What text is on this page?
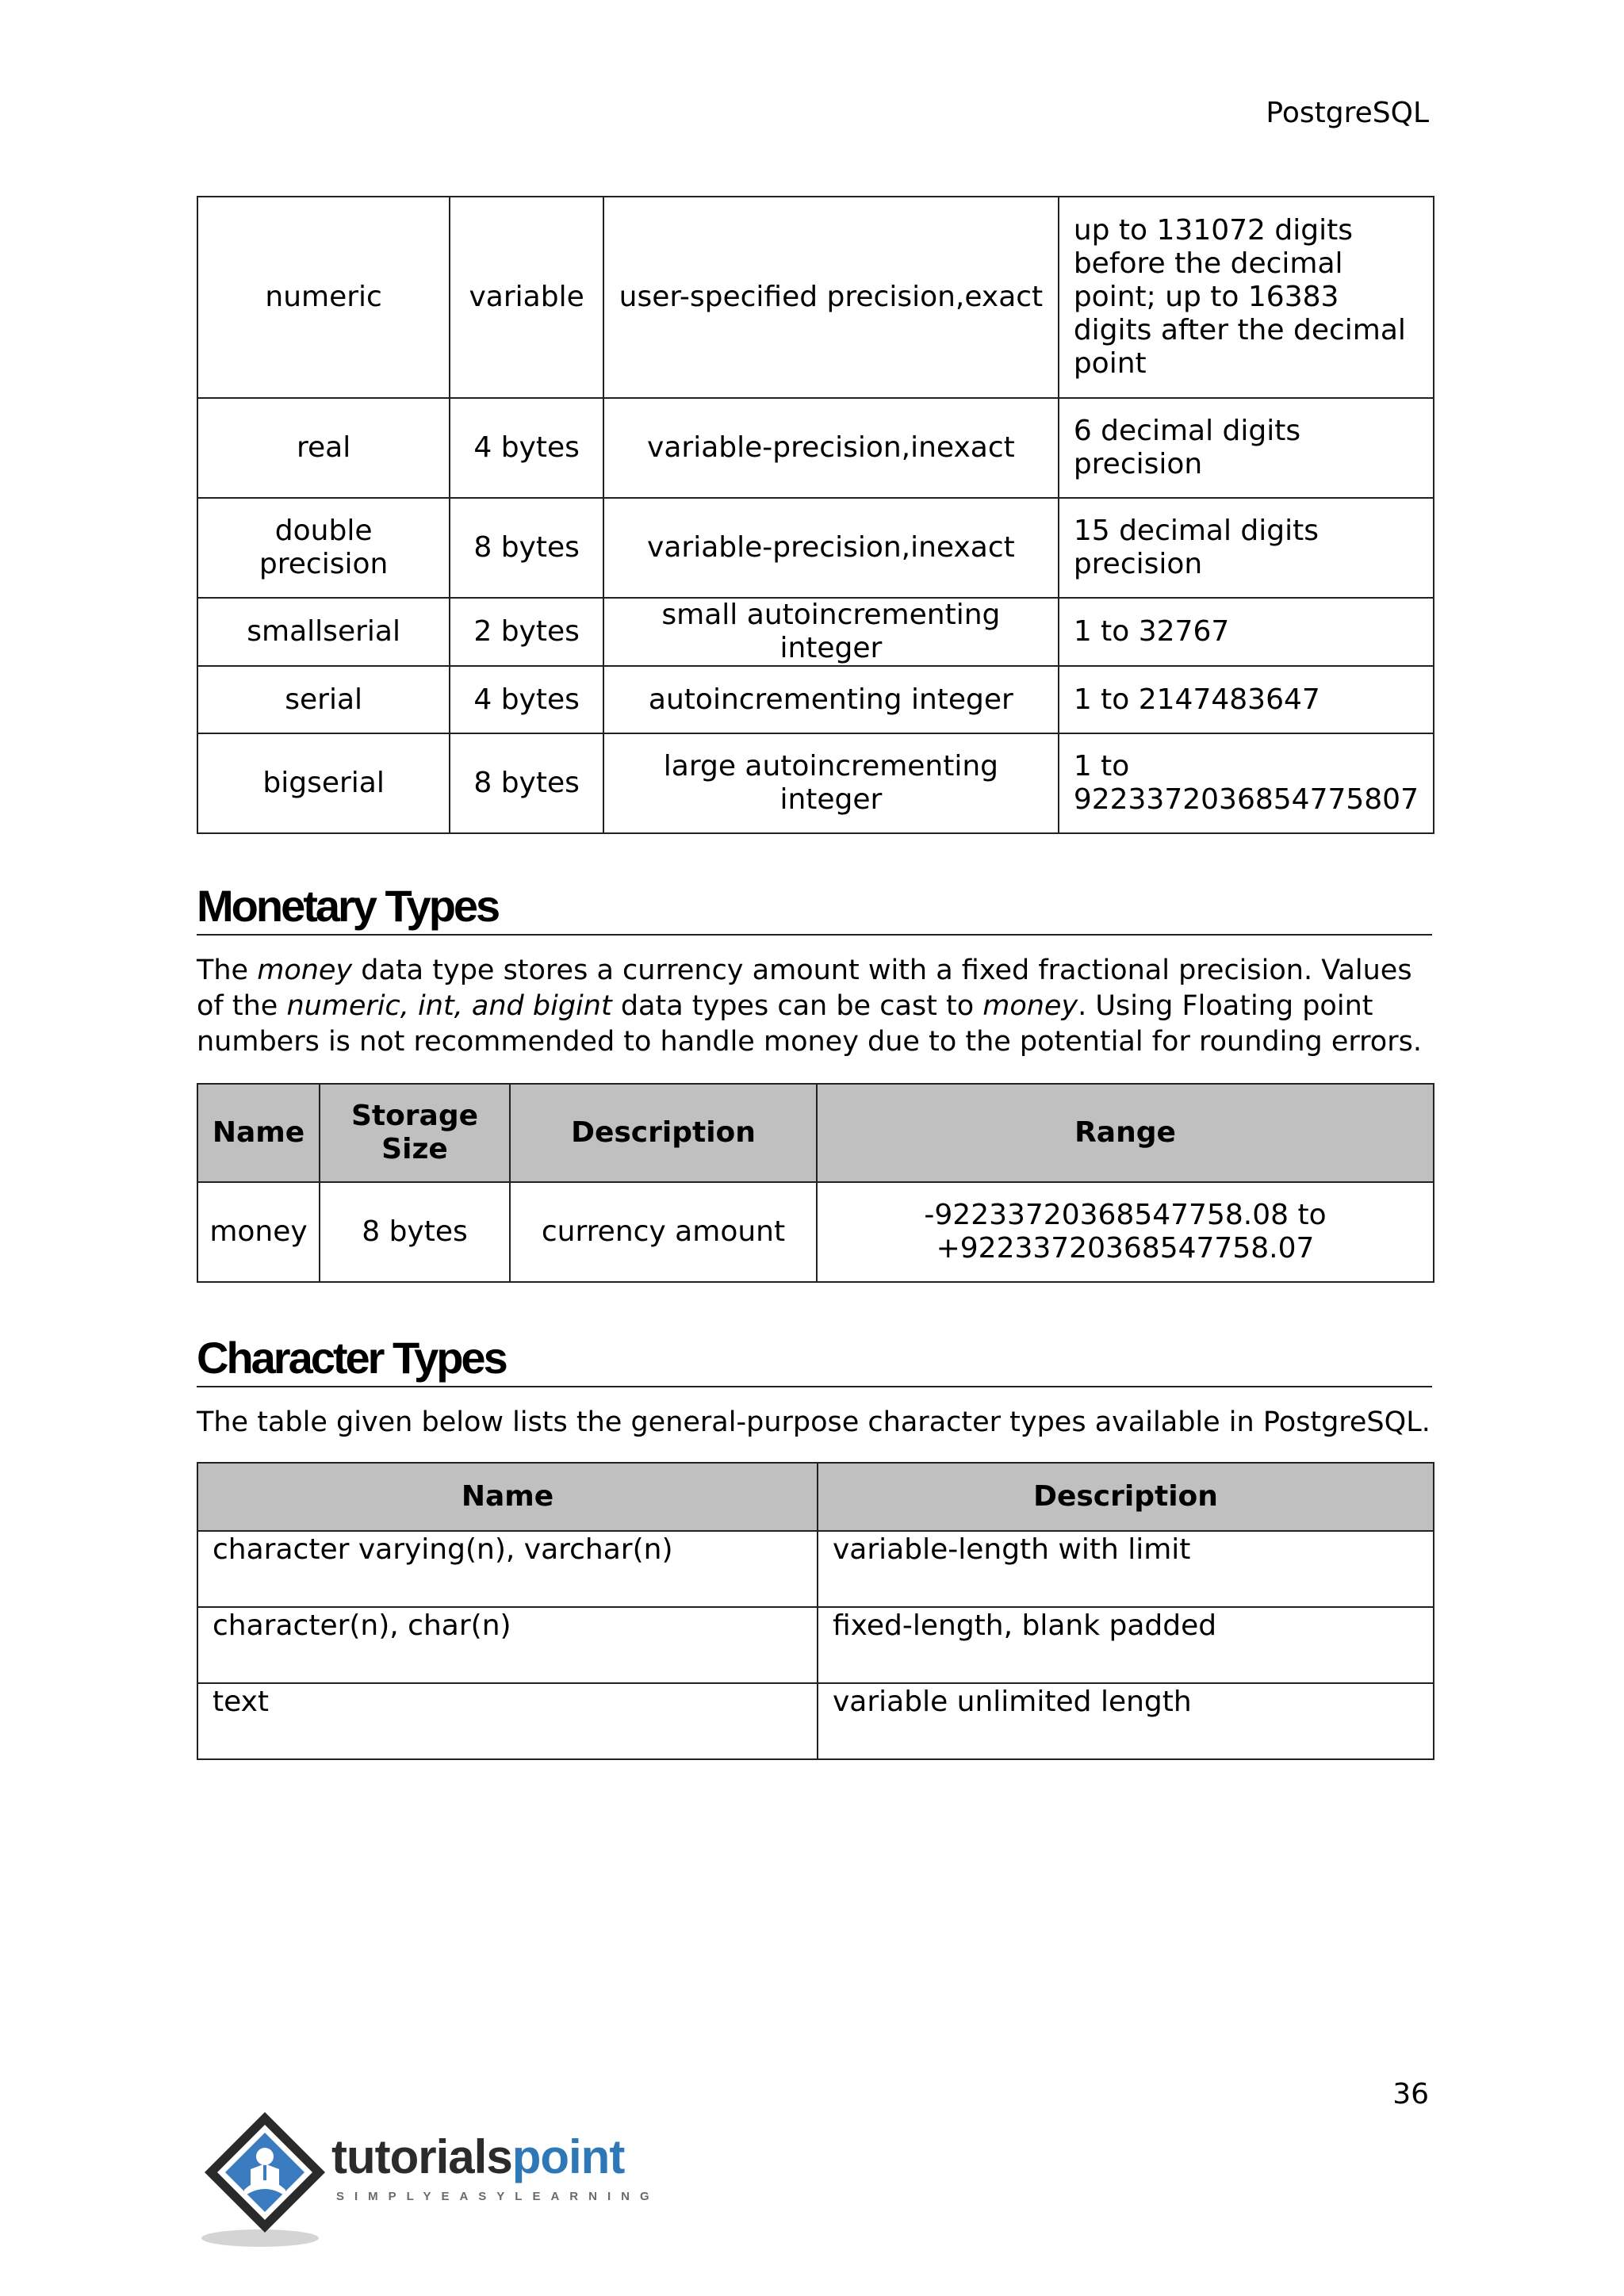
PostgreSQL
numeric	variable	user-specified precision,exact	up to 131072 digits before the decimal point; up to 16383 digits after the decimal point
real	4 bytes	variable-precision,inexact	6 decimal digits precision
double precision	8 bytes	variable-precision,inexact	15 decimal digits precision
smallserial	2 bytes	small autoincrementing integer	1 to 32767
serial	4 bytes	autoincrementing integer	1 to 2147483647
bigserial	8 bytes	large autoincrementing integer	1 to 9223372036854775807
Monetary Types
The money data type stores a currency amount with a fixed fractional precision. Values of the numeric, int, and bigint data types can be cast to money. Using Floating point numbers is not recommended to handle money due to the potential for rounding errors.
Name	Storage Size	Description	Range
money	8 bytes	currency amount	-92233720368547758.08 to +92233720368547758.07
Character Types
The table given below lists the general-purpose character types available in PostgreSQL.
Name	Description

character varying(n), varchar(n)	variable-length with limit

character(n), char(n)	fixed-length, blank padded

text	variable unlimited length
36
tutorialspoint
SIMPLYEASYLEARNING
